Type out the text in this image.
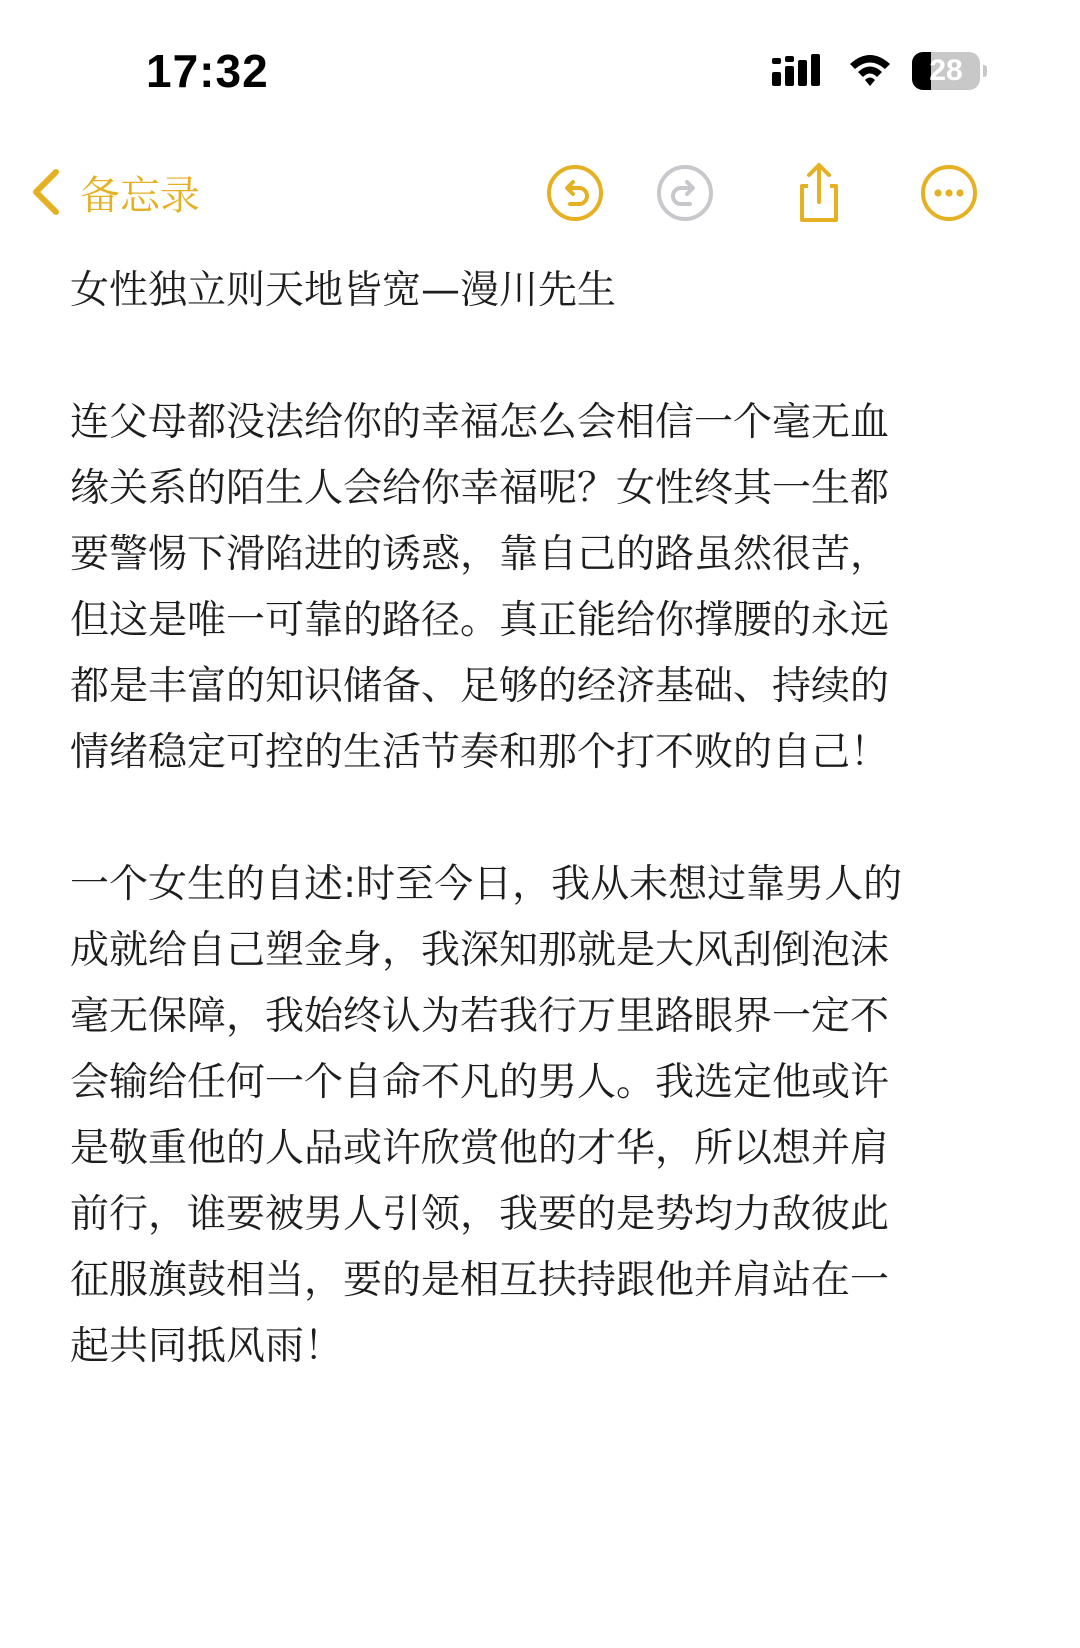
17:32	28
备忘录

女性独立则天地皆宽—漫川先生

连父母都没法给你的幸福怎么会相信一个毫无血

缘关系的陌生人会给你幸福呢？女性终其一生都

要警惕下滑陷进的诱惑，靠自己的路虽然很苦，

但这是唯一可靠的路径。真正能给你撑腰的永远

都是丰富的知识储备、足够的经济基础、持续的

情绪稳定可控的生活节奏和那个打不败的自己！

一个女生的自述:时至今日，我从未想过靠男人的

成就给自己塑金身，我深知那就是大风刮倒泡沫

毫无保障，我始终认为若我行万里路眼界一定不

会输给任何一个自命不凡的男人。我选定他或许

是敬重他的人品或许欣赏他的才华，所以想并肩

前行，谁要被男人引领，我要的是势均力敌彼此

征服旗鼓相当，要的是相互扶持跟他并肩站在一

起共同抵风雨！
